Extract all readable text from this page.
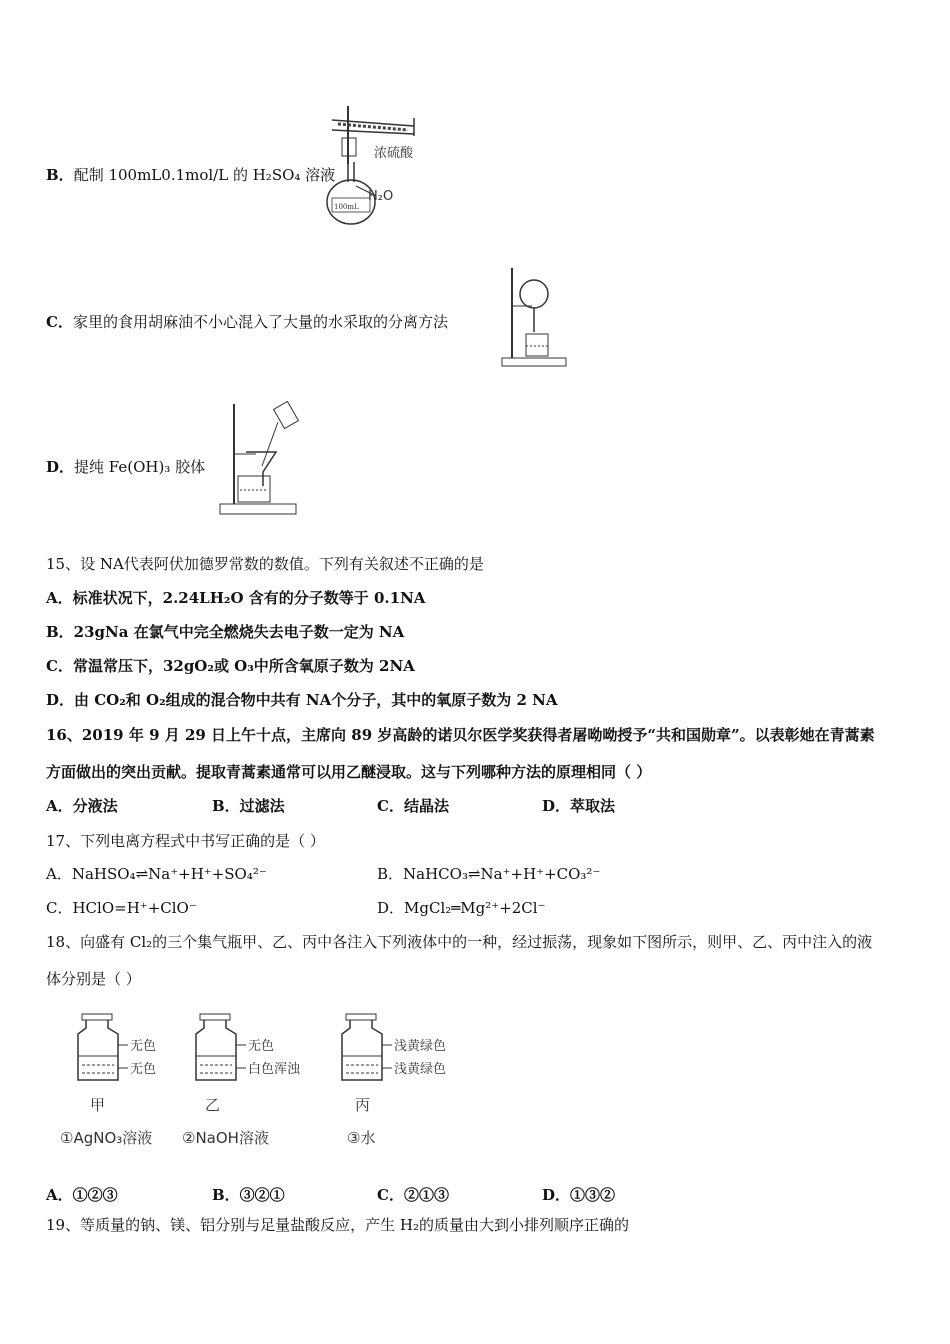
B．配制 100mL0.1mol/L 的 H₂SO₄ 溶液
100mL
浓硫酸
H₂O
C．家里的食用胡麻油不小心混入了大量的水采取的分离方法
D．提纯 Fe(OH)₃ 胶体
15、设 NA代表阿伏加德罗常数的数值。下列有关叙述不正确的是
A．标准状况下，2.24LH₂O 含有的分子数等于 0.1NA
B．23gNa 在氯气中完全燃烧失去电子数一定为 NA
C．常温常压下，32gO₂或 O₃中所含氧原子数为 2NA
D．由 CO₂和 O₂组成的混合物中共有 NA个分子，其中的氧原子数为 2 NA
16、2019 年 9 月 29 日上午十点，主席向 89 岁高龄的诺贝尔医学奖获得者屠呦呦授予“共和国勋章”。以表彰她在青蒿素
方面做出的突出贡献。提取青蒿素通常可以用乙醚浸取。这与下列哪种方法的原理相同（ ）
A．分液法	B．过滤法	C．结晶法	D．萃取法
17、下列电离方程式中书写正确的是（ ）
A．NaHSO₄⇌Na⁺+H⁺+SO₄²⁻	B．NaHCO₃⇌Na⁺+H⁺+CO₃²⁻
C．HClO=H⁺+ClO⁻	D．MgCl₂═Mg²⁺+2Cl⁻
18、向盛有 Cl₂的三个集气瓶甲、乙、丙中各注入下列液体中的一种，经过振荡，现象如下图所示，则甲、乙、丙中注入的液
体分别是（ ）
无色
无色
无色
白色浑浊
浅黄绿色
浅黄绿色
甲	乙	丙
①AgNO₃溶液 ②NaOH溶液	③水
A．①②③	B．③②①	C．②①③	D．①③②
19、等质量的钠、镁、铝分别与足量盐酸反应，产生 H₂的质量由大到小排列顺序正确的
